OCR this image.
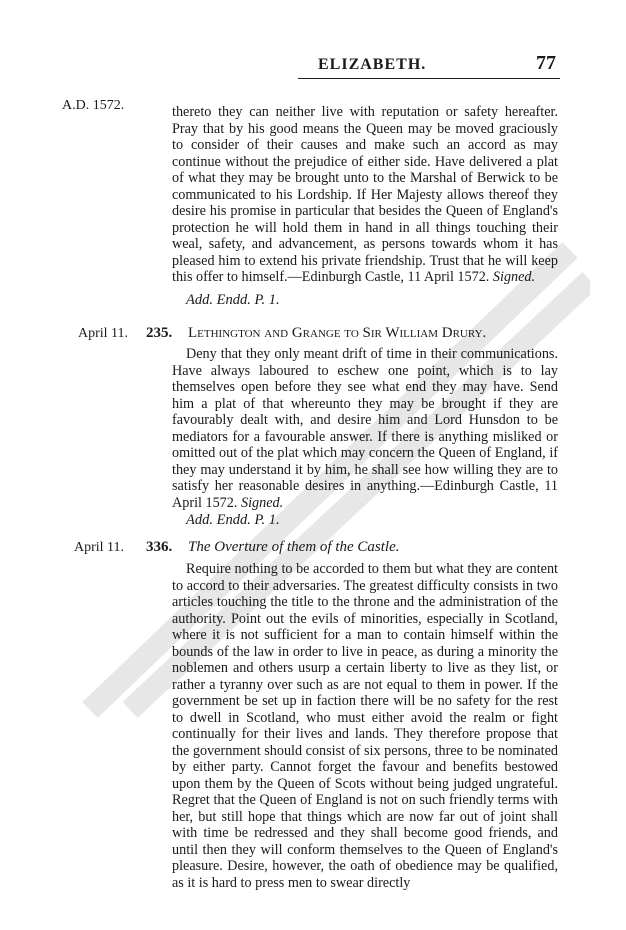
ELIZABETH.	77
A.D. 1572.
April 11.
April 11.

thereto they can neither live with reputation or safety hereafter. Pray that by his good means the Queen may be moved graciously to consider of their causes and make such an accord as may continue without the prejudice of either side. Have delivered a plat of what they may be brought unto to the Marshal of Berwick to be communicated to his Lordship. If Her Majesty allows thereof they desire his promise in particular that besides the Queen of England's protection he will hold them in hand in all things touching their weal, safety, and advancement, as persons towards whom it has pleased him to extend his private friendship. Trust that he will keep this offer to himself.—Edinburgh Castle, 11 April 1572. Signed.

Add. Endd. P. 1.
235. Lethington and Grange to Sir William Drury.

Deny that they only meant drift of time in their communications. Have always laboured to eschew one point, which is to lay themselves open before they see what end they may have. Send him a plat of that whereunto they may be brought if they are favourably dealt with, and desire him and Lord Hunsdon to be mediators for a favourable answer. If there is anything misliked or omitted out of the plat which may concern the Queen of England, if they may understand it by him, he shall see how willing they are to satisfy her reasonable desires in anything.—Edinburgh Castle, 11 April 1572. Signed.

Add. Endd. P. 1.
336. The Overture of them of the Castle.

Require nothing to be accorded to them but what they are content to accord to their adversaries. The greatest difficulty consists in two articles touching the title to the throne and the administration of the authority. Point out the evils of minorities, especially in Scotland, where it is not sufficient for a man to contain himself within the bounds of the law in order to live in peace, as during a minority the noblemen and others usurp a certain liberty to live as they list, or rather a tyranny over such as are not equal to them in power. If the government be set up in faction there will be no safety for the rest to dwell in Scotland, who must either avoid the realm or fight continually for their lives and lands. They therefore propose that the government should consist of six persons, three to be nominated by either party. Cannot forget the favour and benefits bestowed upon them by the Queen of Scots without being judged ungrateful. Regret that the Queen of England is not on such friendly terms with her, but still hope that things which are now far out of joint shall with time be redressed and they shall become good friends, and until then they will conform themselves to the Queen of England's pleasure. Desire, however, the oath of obedience may be qualified, as it is hard to press men to swear directly
